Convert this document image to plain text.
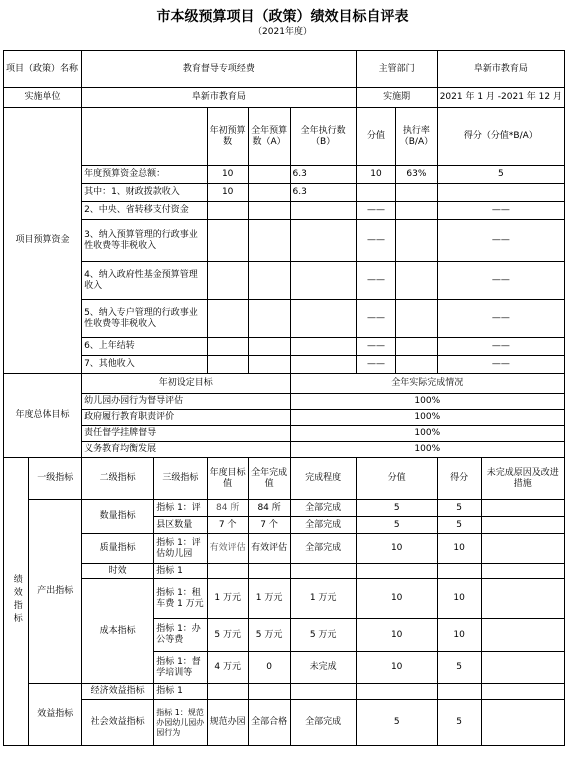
市本级预算项目（政策）绩效目标自评表
（2021年度）
项目（政策）名称		教育督导专项经费					主管部门		阜新市教育局	
实施单位		阜新市教育局					实施期		2021 年 1 月 -2021 年 12 月	
项目预算资金				年初预算数	全年预算数（A）	全年执行数（B）	分值	执行率（B/A）	得分（分值*B/A）	
		年度预算资金总额：		10		6.3	10	63%	5	
		其中：1、财政拨款收入		10		6.3				
		2、中央、省转移支付资金					——		——	
		3、纳入预算管理的行政事业性收费等非税收入					——		——	
		4、纳入政府性基金预算管理收入					——		——	
		5、纳入专户管理的行政事业性收费等非税收入					——		——	
		6、上年结转					——		——	
		7、其他收入					——		——	
年度总体目标		年初设定目标				全年实际完成情况				
		幼儿园办园行为督导评估				100%				
		政府履行教育职责评价				100%				
		责任督学挂牌督导				100%				
		义务教育均衡发展				100%				
绩效指标	一级指标	二级指标	三级指标	年度目标值	全年完成值	完成程度	分值		得分	未完成原因及改进措施
	产出指标	数量指标	指标 1：评	84 所	84 所	全部完成	5		5	
			县区数量	7 个	7 个	全部完成	5		5	
		质量指标	指标 1：评估幼儿园	有效评估	有效评估	全部完成	10		10	
		时效	指标 1							
		成本指标	指标 1：租车费 1 万元	1 万元	1 万元	1 万元	10		10	
			指标 1：办公等费	5 万元	5 万元	5 万元	10		10	
			指标 1：督学培训等	4 万元	0	未完成	10		5	
	效益指标	经济效益指标	指标 1							
		社会效益指标	指标 1：规范办园幼儿园办园行为	规范办园	全部合格	全部完成	5		5	
